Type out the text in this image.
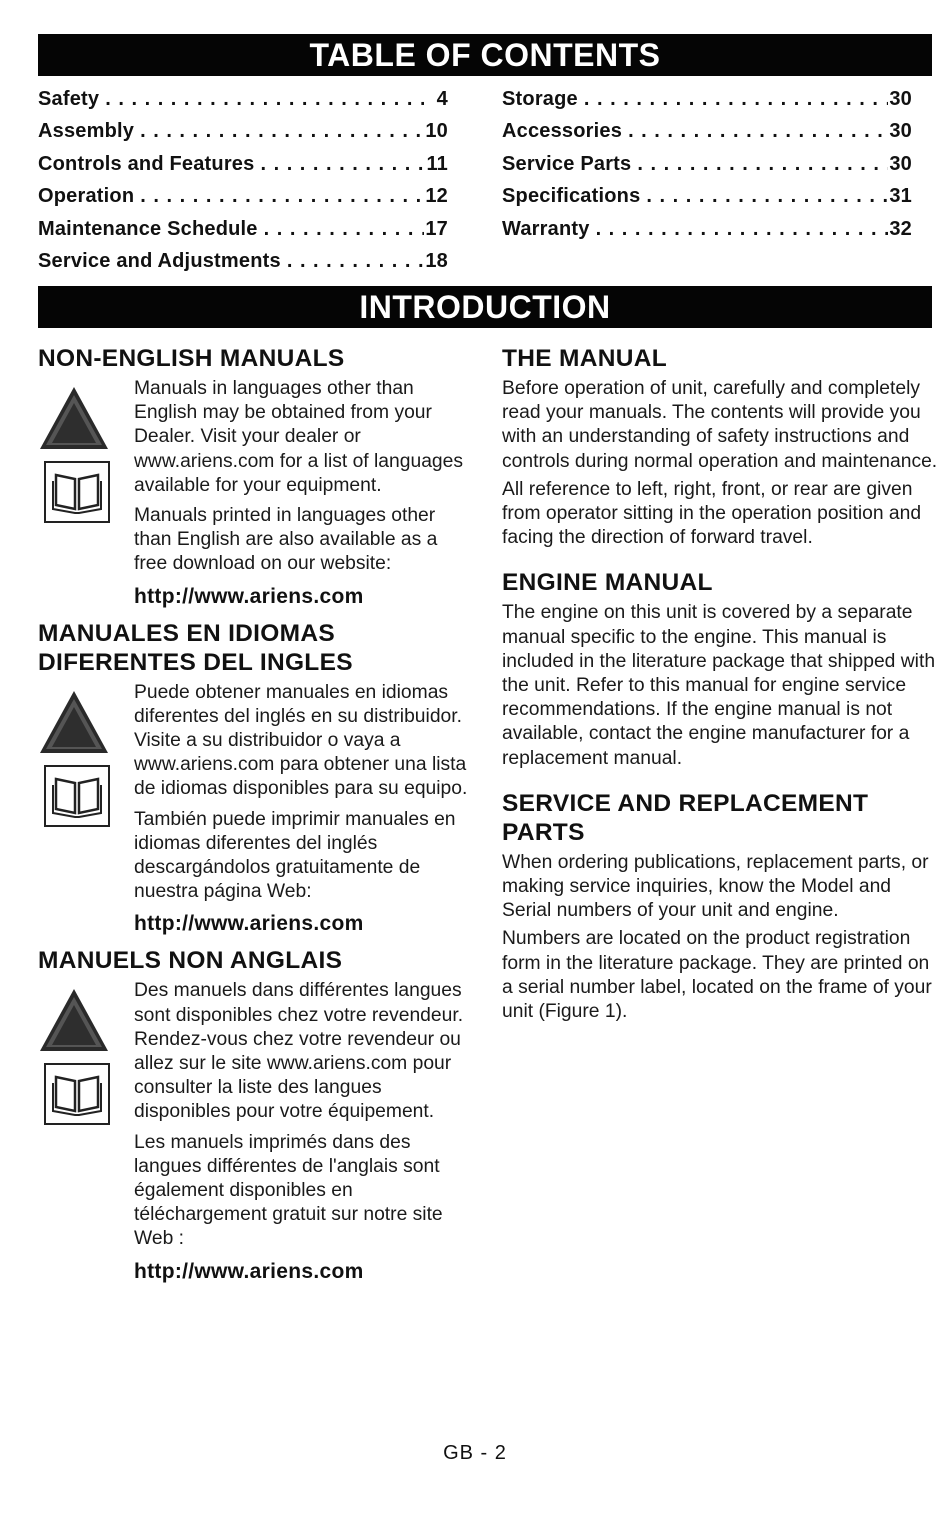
TABLE OF CONTENTS
Safety . . .	4
Assembly . . .	10
Controls and Features . . .	11
Operation . . .	12
Maintenance Schedule . . .	17
Service and Adjustments . . .	18
Storage . . .	30
Accessories . . .	30
Service Parts . . .	30
Specifications . . .	31
Warranty . . .	32
INTRODUCTION
NON-ENGLISH MANUALS

Manuals in languages other than English may be obtained from your Dealer. Visit your dealer or www.ariens.com for a list of languages available for your equipment.

Manuals printed in languages other than English are also available as a free download on our website:

http://www.ariens.com
MANUALES EN IDIOMAS DIFERENTES DEL INGLES

Puede obtener manuales en idiomas diferentes del inglés en su distribuidor. Visite a su distribuidor o vaya a www.ariens.com para obtener una lista de idiomas disponibles para su equipo.

También puede imprimir manuales en idiomas diferentes del inglés descargándolos gratuitamente de nuestra página Web:

http://www.ariens.com
MANUELS NON ANGLAIS

Des manuels dans différentes langues sont disponibles chez votre revendeur. Rendez-vous chez votre revendeur ou allez sur le site www.ariens.com pour consulter la liste des langues disponibles pour votre équipement.

Les manuels imprimés dans des langues différentes de l'anglais sont également disponibles en téléchargement gratuit sur notre site Web :

http://www.ariens.com
THE MANUAL

Before operation of unit, carefully and completely read your manuals. The contents will provide you with an understanding of safety instructions and controls during normal operation and maintenance.

All reference to left, right, front, or rear are given from operator sitting in the operation position and facing the direction of forward travel.

ENGINE MANUAL

The engine on this unit is covered by a separate manual specific to the engine. This manual is included in the literature package that shipped with the unit. Refer to this manual for engine service recommendations. If the engine manual is not available, contact the engine manufacturer for a replacement manual.

SERVICE AND REPLACEMENT PARTS

When ordering publications, replacement parts, or making service inquiries, know the Model and Serial numbers of your unit and engine.

Numbers are located on the product registration form in the literature package. They are printed on a serial number label, located on the frame of your unit (Figure 1).

GB - 2
